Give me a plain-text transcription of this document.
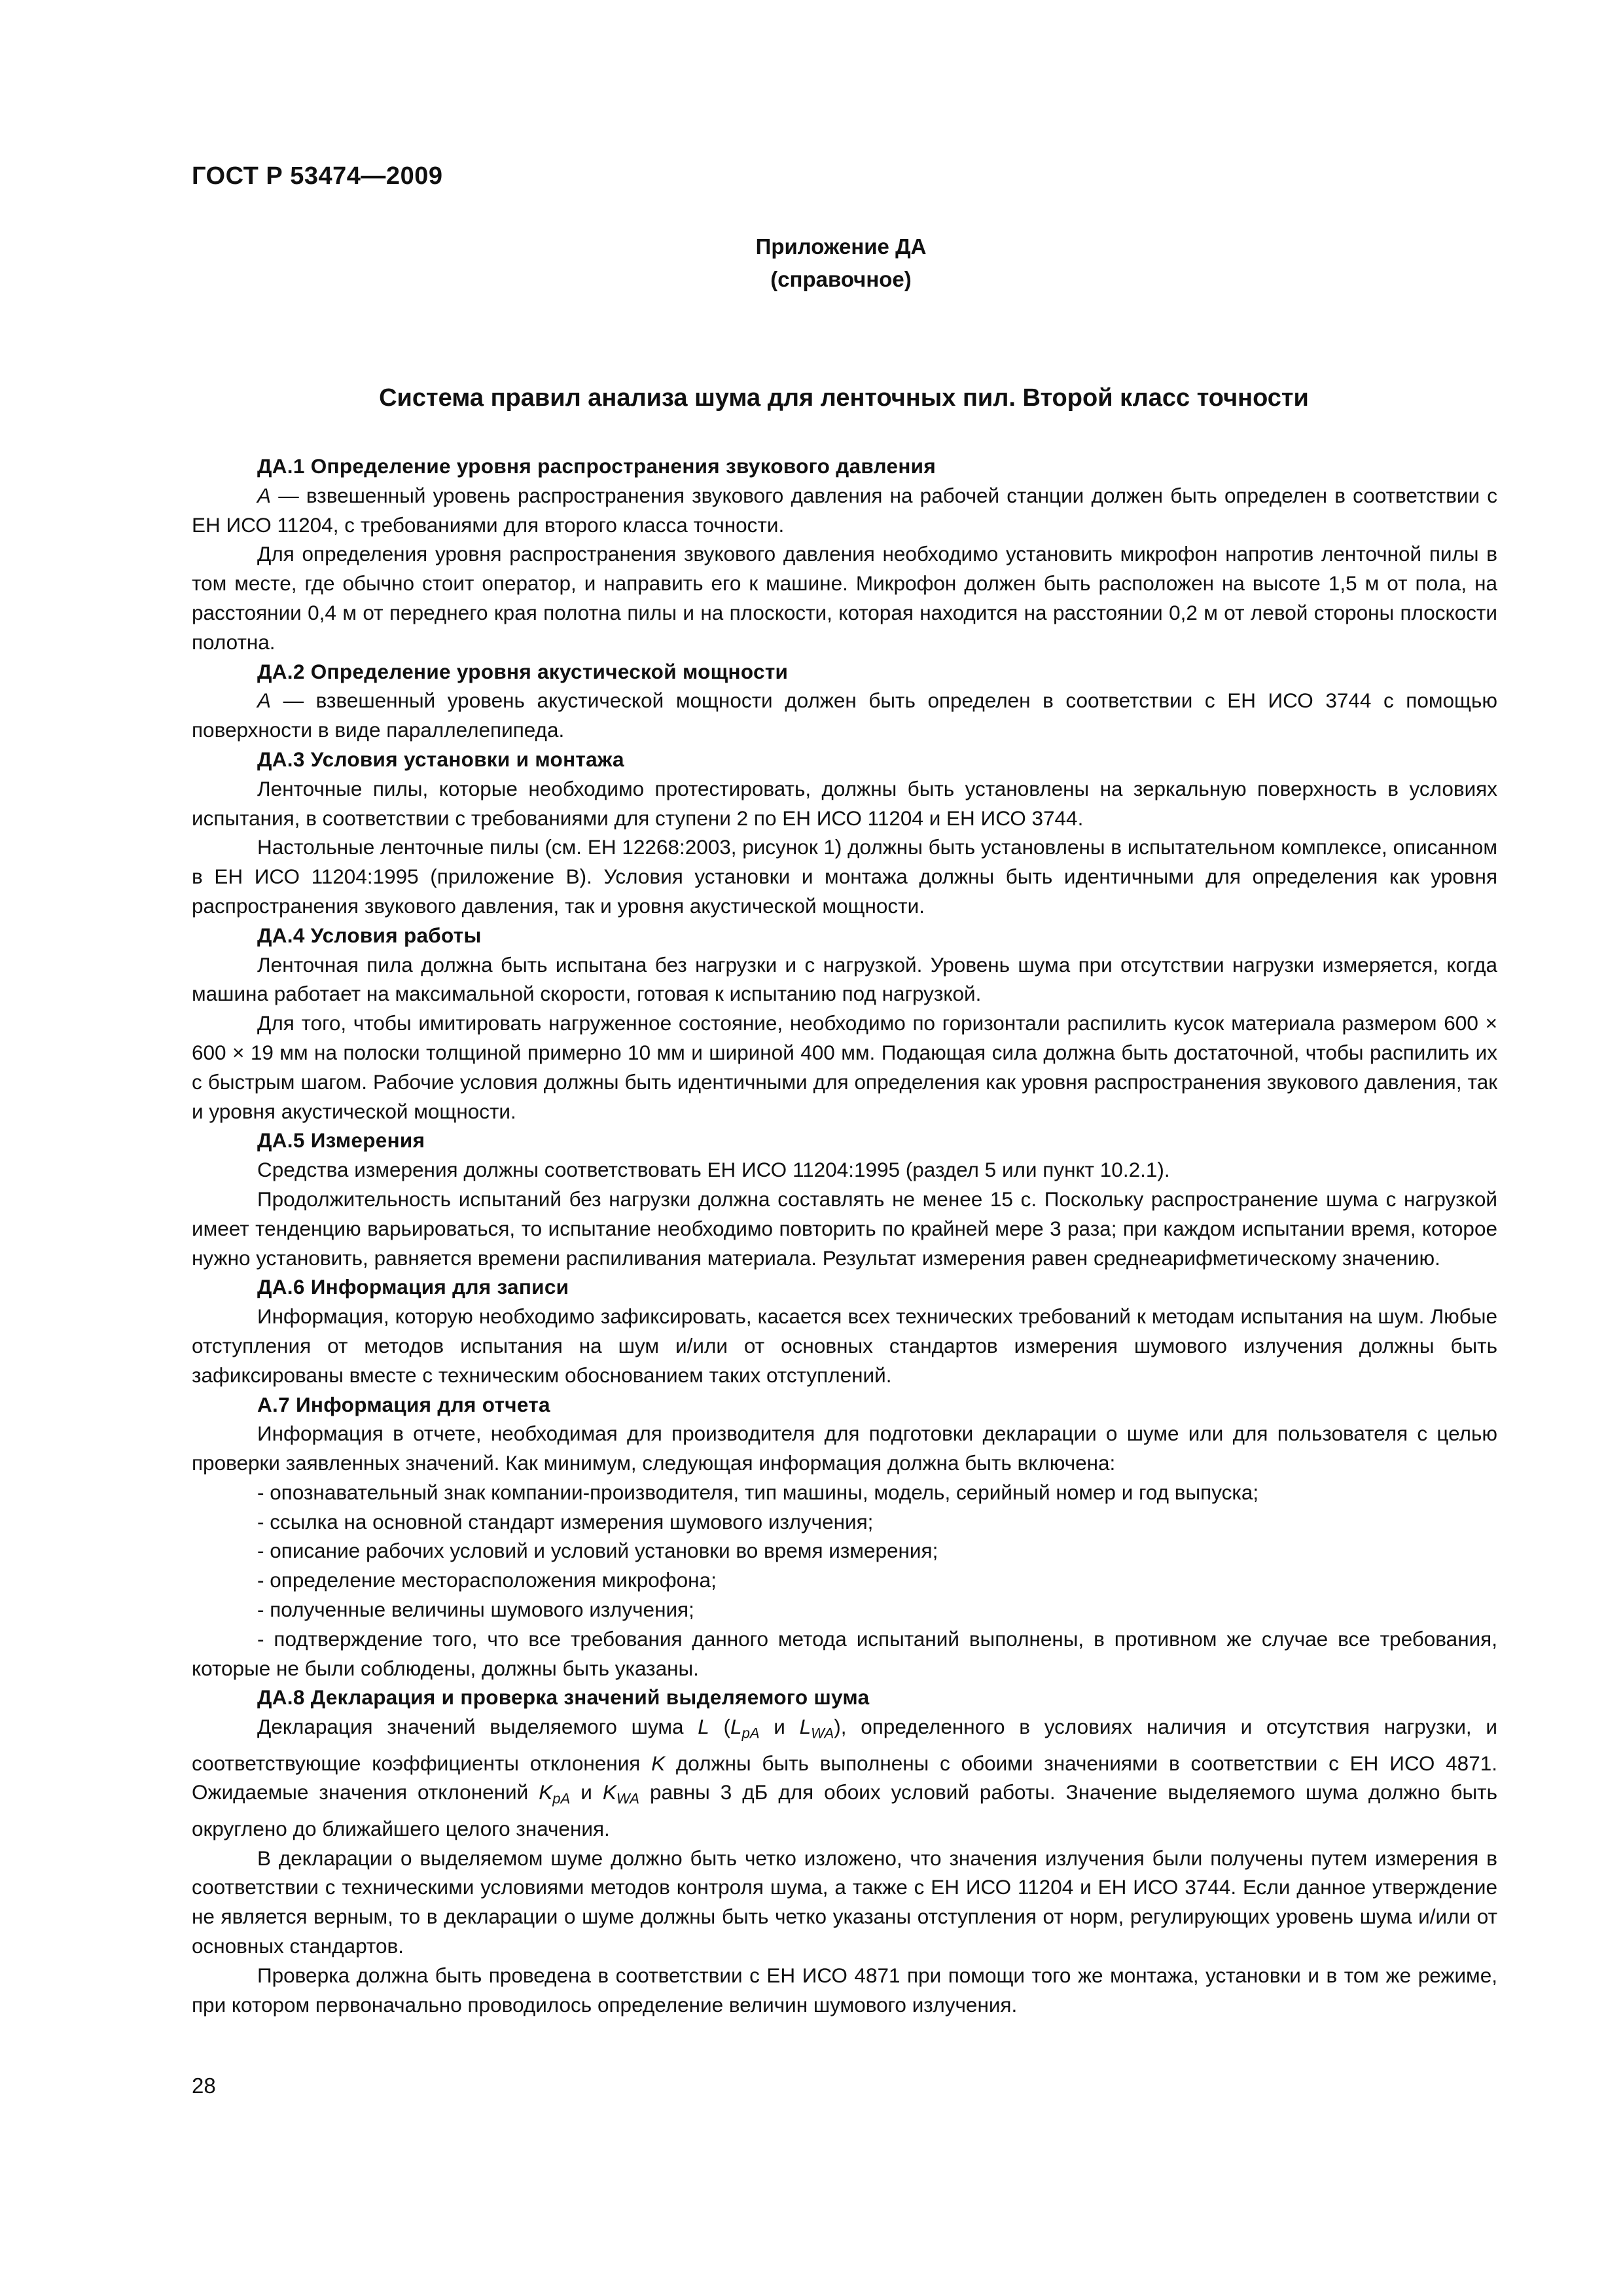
ГОСТ Р 53474—2009
Приложение ДА
(справочное)
Система правил анализа шума для ленточных пил. Второй класс точности
ДА.1 Определение уровня распространения звукового давления

А — взвешенный уровень распространения звукового давления на рабочей станции должен быть определен в соответствии с ЕН ИСО 11204, с требованиями для второго класса точности.

Для определения уровня распространения звукового давления необходимо установить микрофон напротив ленточной пилы в том месте, где обычно стоит оператор, и направить его к машине. Микрофон должен быть расположен на высоте 1,5 м от пола, на расстоянии 0,4 м от переднего края полотна пилы и на плоскости, которая находится на расстоянии 0,2 м от левой стороны плоскости полотна.

ДА.2 Определение уровня акустической мощности

А — взвешенный уровень акустической мощности должен быть определен в соответствии с ЕН ИСО 3744 с помощью поверхности в виде параллелепипеда.

ДА.3 Условия установки и монтажа

Ленточные пилы, которые необходимо протестировать, должны быть установлены на зеркальную поверхность в условиях испытания, в соответствии с требованиями для ступени 2 по ЕН ИСО 11204 и ЕН ИСО 3744.

Настольные ленточные пилы (см. ЕН 12268:2003, рисунок 1) должны быть установлены в испытательном комплексе, описанном в ЕН ИСО 11204:1995 (приложение В). Условия установки и монтажа должны быть идентичными для определения как уровня распространения звукового давления, так и уровня акустической мощности.

ДА.4 Условия работы

Ленточная пила должна быть испытана без нагрузки и с нагрузкой. Уровень шума при отсутствии нагрузки измеряется, когда машина работает на максимальной скорости, готовая к испытанию под нагрузкой.

Для того, чтобы имитировать нагруженное состояние, необходимо по горизонтали распилить кусок материала размером 600 × 600 × 19 мм на полоски толщиной примерно 10 мм и шириной 400 мм. Подающая сила должна быть достаточной, чтобы распилить их с быстрым шагом. Рабочие условия должны быть идентичными для определения как уровня распространения звукового давления, так и уровня акустической мощности.

ДА.5 Измерения

Средства измерения должны соответствовать ЕН ИСО 11204:1995 (раздел 5 или пункт 10.2.1).

Продолжительность испытаний без нагрузки должна составлять не менее 15 с. Поскольку распространение шума с нагрузкой имеет тенденцию варьироваться, то испытание необходимо повторить по крайней мере 3 раза; при каждом испытании время, которое нужно установить, равняется времени распиливания материала. Результат измерения равен среднеарифметическому значению.

ДА.6 Информация для записи

Информация, которую необходимо зафиксировать, касается всех технических требований к методам испытания на шум. Любые отступления от методов испытания на шум и/или от основных стандартов измерения шумового излучения должны быть зафиксированы вместе с техническим обоснованием таких отступлений.

А.7 Информация для отчета

Информация в отчете, необходимая для производителя для подготовки декларации о шуме или для пользователя с целью проверки заявленных значений. Как минимум, следующая информация должна быть включена:

- опознавательный знак компании-производителя, тип машины, модель, серийный номер и год выпуска;

- ссылка на основной стандарт измерения шумового излучения;

- описание рабочих условий и условий установки во время измерения;

- определение месторасположения микрофона;

- полученные величины шумового излучения;

- подтверждение того, что все требования данного метода испытаний выполнены, в противном же случае все требования, которые не были соблюдены, должны быть указаны.

ДА.8 Декларация и проверка значений выделяемого шума

Декларация значений выделяемого шума L ($L_{pA}$ и $L_{WA}$), определенного в условиях наличия и отсутствия нагрузки, и соответствующие коэффициенты отклонения K должны быть выполнены с обоими значениями в соответствии с ЕН ИСО 4871. Ожидаемые значения отклонений $K_{pA}$ и $K_{WA}$ равны 3 дБ для обоих условий работы. Значение выделяемого шума должно быть округлено до ближайшего целого значения.

В декларации о выделяемом шуме должно быть четко изложено, что значения излучения были получены путем измерения в соответствии с техническими условиями методов контроля шума, а также с ЕН ИСО 11204 и ЕН ИСО 3744. Если данное утверждение не является верным, то в декларации о шуме должны быть четко указаны отступления от норм, регулирующих уровень шума и/или от основных стандартов.

Проверка должна быть проведена в соответствии с ЕН ИСО 4871 при помощи того же монтажа, установки и в том же режиме, при котором первоначально проводилось определение величин шумового излучения.

28
